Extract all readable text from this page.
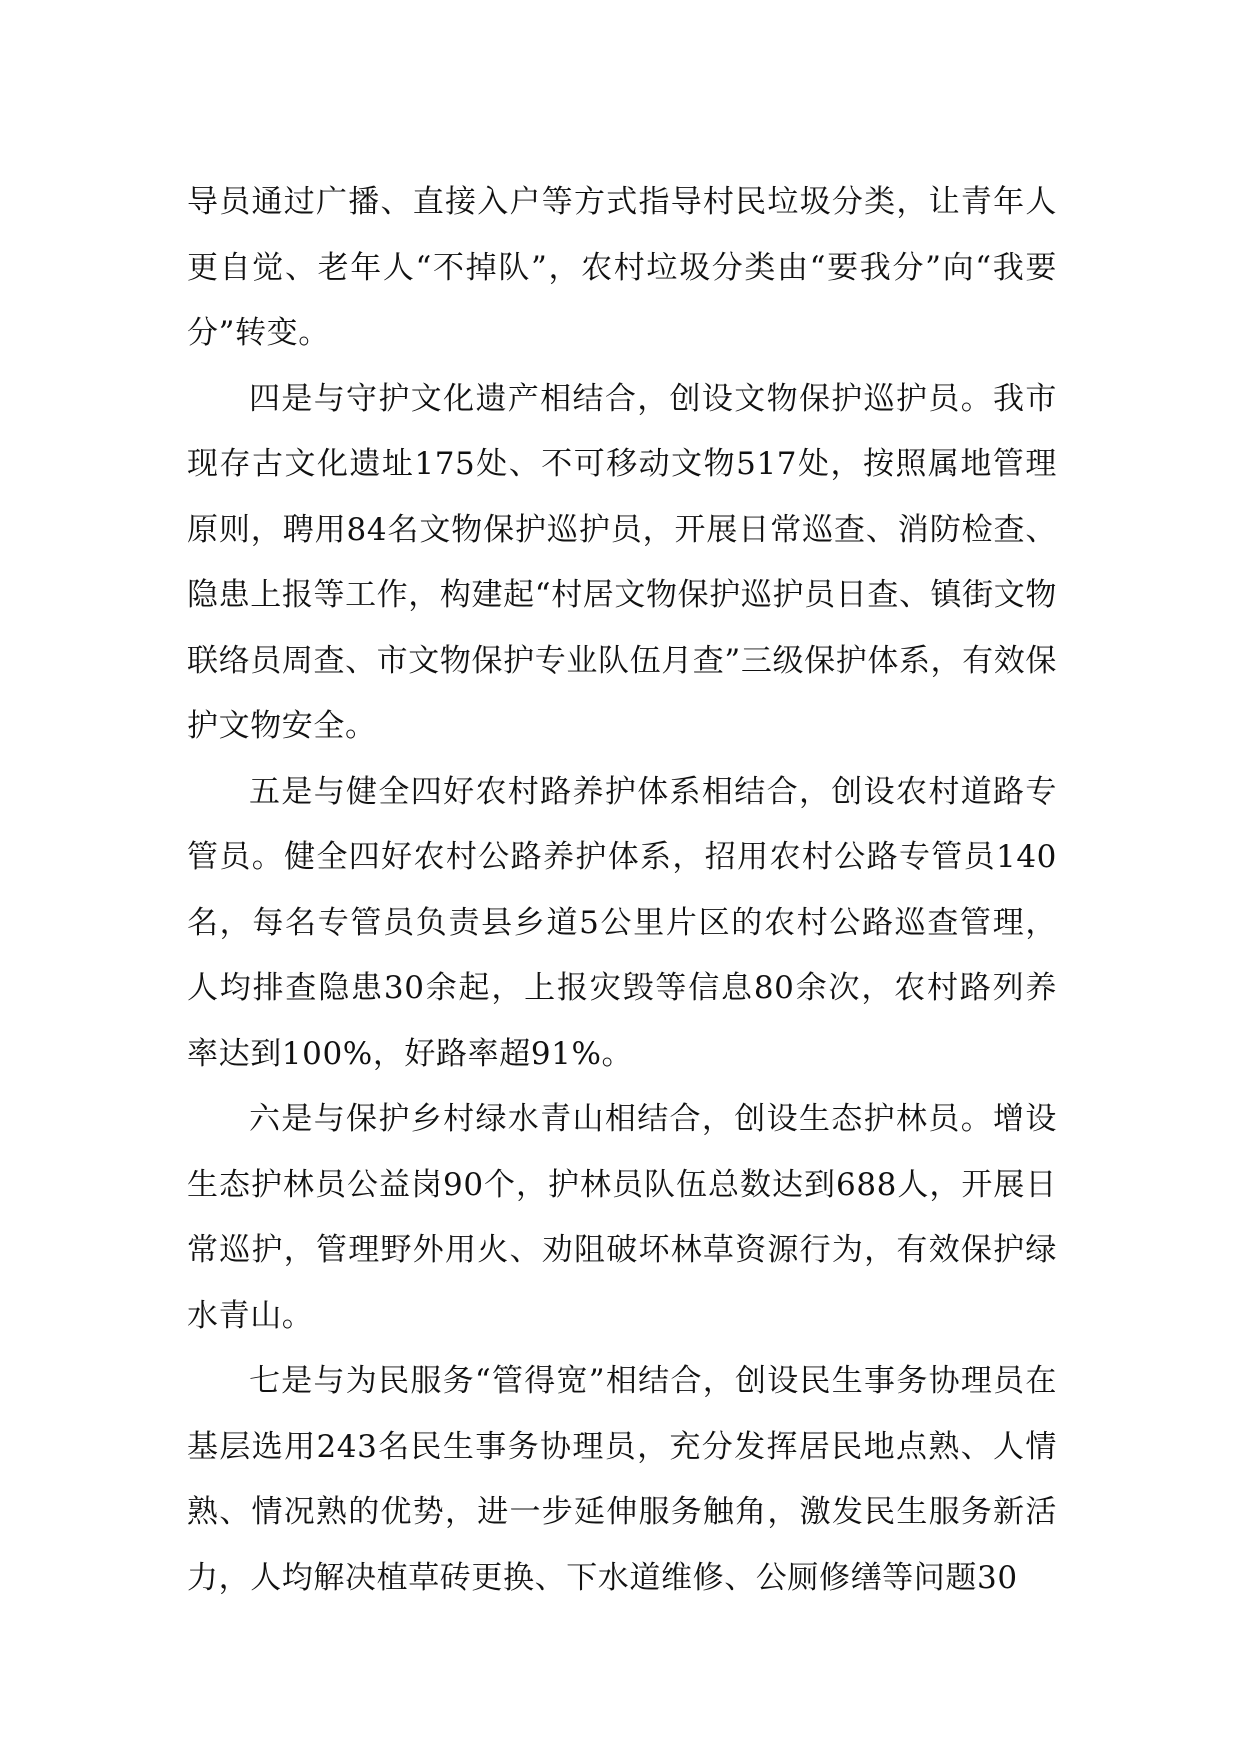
导员通过广播、直接入户等方式指导村民垃圾分类，让青年人更自觉、老年人“不掉队”，农村垃圾分类由“要我分”向“我要分”转变。

四是与守护文化遗产相结合，创设文物保护巡护员。我市现存古文化遗址175处、不可移动文物517处，按照属地管理原则，聘用84名文物保护巡护员，开展日常巡查、消防检查、隐患上报等工作，构建起“村居文物保护巡护员日查、镇街文物联络员周查、市文物保护专业队伍月查”三级保护体系，有效保护文物安全。

五是与健全四好农村路养护体系相结合，创设农村道路专管员。健全四好农村公路养护体系，招用农村公路专管员140名，每名专管员负责县乡道5公里片区的农村公路巡查管理，人均排查隐患30余起，上报灾毁等信息80余次，农村路列养率达到100%，好路率超91%。

六是与保护乡村绿水青山相结合，创设生态护林员。增设生态护林员公益岗90个，护林员队伍总数达到688人，开展日常巡护，管理野外用火、劝阻破坏林草资源行为，有效保护绿水青山。

七是与为民服务“管得宽”相结合，创设民生事务协理员在基层选用243名民生事务协理员，充分发挥居民地点熟、人情熟、情况熟的优势，进一步延伸服务触角，激发民生服务新活力，人均解决植草砖更换、下水道维修、公厕修缮等问题30
